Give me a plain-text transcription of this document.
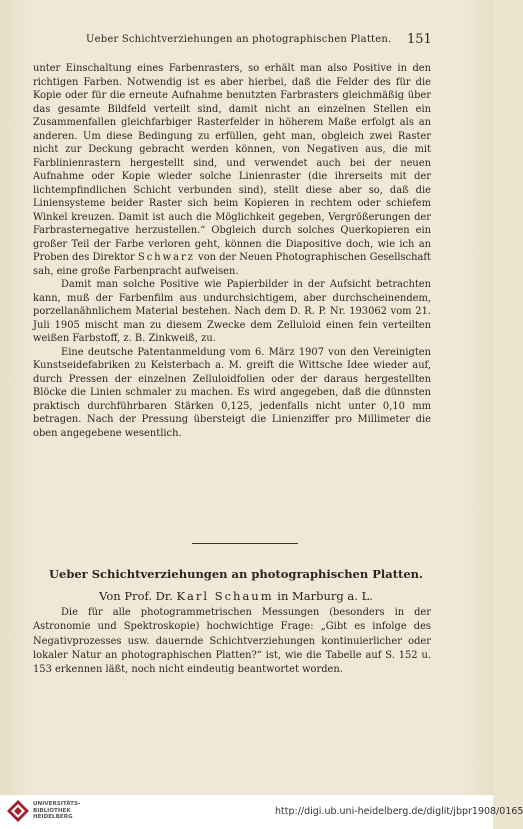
Ueber Schichtverziehungen an photographischen Platten. 151

unter Einschaltung eines Farbenrasters, so erhält man also Positive in den richtigen Farben. Notwendig ist es aber hierbei, daß die Felder des für die Kopie oder für die erneute Aufnahme benutzten Farbrasters gleichmäßig über das gesamte Bildfeld verteilt sind, damit nicht an einzelnen Stellen ein Zusammenfallen gleichfarbiger Rasterfelder in höherem Maße erfolgt als an anderen. Um diese Bedingung zu erfüllen, geht man, obgleich zwei Raster nicht zur Deckung gebracht werden können, von Negativen aus, die mit Farblinienrastern hergestellt sind, und verwendet auch bei der neuen Aufnahme oder Kopie wieder solche Linienraster (die ihrerseits mit der lichtempfindlichen Schicht verbunden sind), stellt diese aber so, daß die Liniensysteme beider Raster sich beim Kopieren in rechtem oder schiefem Winkel kreuzen. Damit ist auch die Möglichkeit gegeben, Vergrößerungen der Farbrasternegative herzustellen.“ Obgleich durch solches Querkopieren ein großer Teil der Farbe verloren geht, können die Diapositive doch, wie ich an Proben des Direktor Schwarz von der Neuen Photographischen Gesellschaft sah, eine große Farbenpracht aufweisen.

Damit man solche Positive wie Papierbilder in der Aufsicht betrachten kann, muß der Farbenfilm aus undurchsichtigem, aber durchscheinendem, porzellanähnlichem Material bestehen. Nach dem D. R. P. Nr. 193062 vom 21. Juli 1905 mischt man zu diesem Zwecke dem Zelluloid einen fein verteilten weißen Farbstoff, z. B. Zinkweiß, zu.

Eine deutsche Patentanmeldung vom 6. März 1907 von den Vereinigten Kunstseidefabriken zu Kelsterbach a. M. greift die Wittsche Idee wieder auf, durch Pressen der einzelnen Zelluloidfolien oder der daraus hergestellten Blöcke die Linien schmaler zu machen. Es wird angegeben, daß die dünnsten praktisch durchführbaren Stärken 0,125, jedenfalls nicht unter 0,10 mm betragen. Nach der Pressung übersteigt die Linienziffer pro Millimeter die oben angegebene wesentlich.

Ueber Schichtverziehungen an photographischen Platten.
Von Prof. Dr. Karl Schaum in Marburg a. L.

Die für alle photogrammetrischen Messungen (besonders in der Astronomie und Spektroskopie) hochwichtige Frage: „Gibt es infolge des Negativprozesses usw. dauernde Schichtverziehungen kontinuierlicher oder lokaler Natur an photographischen Platten?“ ist, wie die Tabelle auf S. 152 u. 153 erkennen läßt, noch nicht eindeutig beantwortet worden.

UNIVERSITÄTS-
BIBLIOTHEK
HEIDELBERG
http://digi.ub.uni-heidelberg.de/diglit/jbpr1908/0165
